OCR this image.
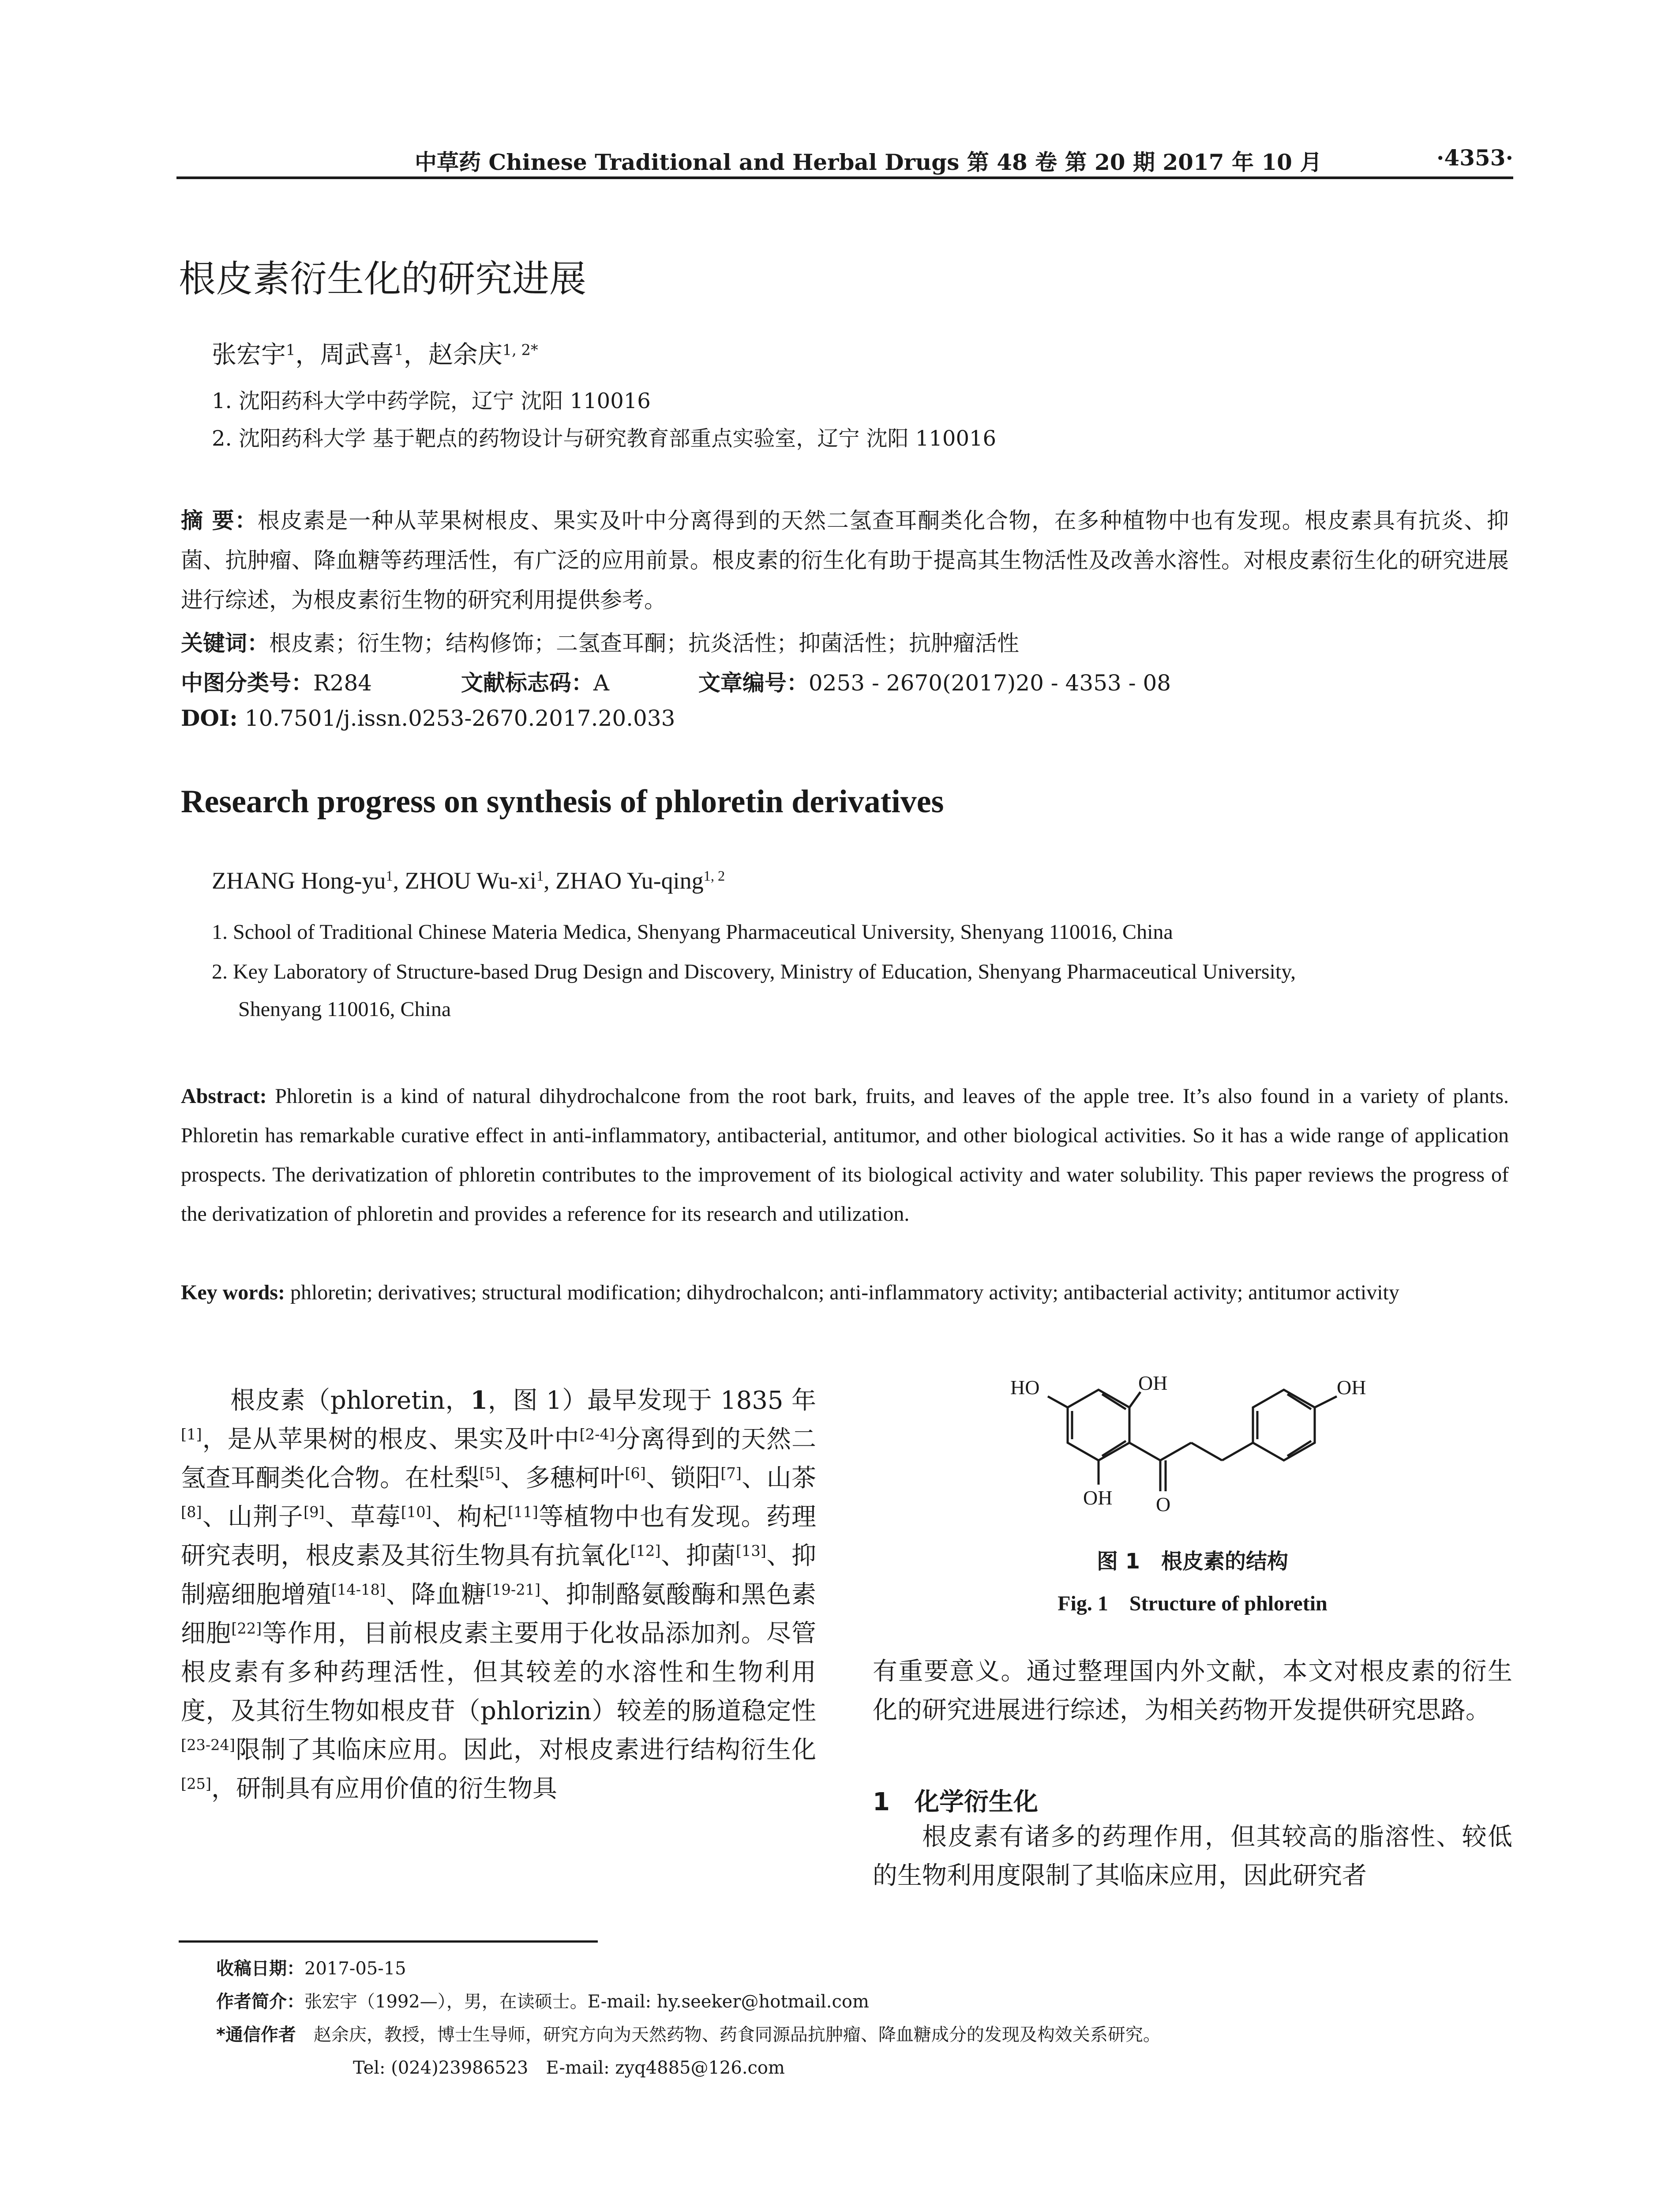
中草药 Chinese Traditional and Herbal Drugs 第 48 卷 第 20 期 2017 年 10 月	·4353·
根皮素衍生化的研究进展
张宏宇$^1$，周武喜$^1$，赵余庆$^{1, 2*}$
1. 沈阳药科大学中药学院，辽宁 沈阳 110016
2. 沈阳药科大学 基于靶点的药物设计与研究教育部重点实验室，辽宁 沈阳 110016
摘 要：根皮素是一种从苹果树根皮、果实及叶中分离得到的天然二氢查耳酮类化合物，在多种植物中也有发现。根皮素具有抗炎、抑菌、抗肿瘤、降血糖等药理活性，有广泛的应用前景。根皮素的衍生化有助于提高其生物活性及改善水溶性。对根皮素衍生化的研究进展进行综述，为根皮素衍生物的研究利用提供参考。
关键词：根皮素；衍生物；结构修饰；二氢查耳酮；抗炎活性；抑菌活性；抗肿瘤活性
中图分类号：R284	文献标志码：A	文章编号：0253 - 2670(2017)20 - 4353 - 08
DOI: 10.7501/j.issn.0253-2670.2017.20.033
Research progress on synthesis of phloretin derivatives
ZHANG Hong-$yu^1$, ZHOU $Wu-xi^1$, ZHAO Yu-qing$^{1, 2}$
1. School of Traditional Chinese Materia Medica, Shenyang Pharmaceutical University, Shenyang 110016, China
2. Key Laboratory of Structure-based Drug Design and Discovery, Ministry of Education, Shenyang Pharmaceutical University,
Shenyang 110016, China
Abstract: Phloretin is a kind of natural dihydrochalcone from the root bark, fruits, and leaves of the apple tree. It’s also found in a variety of plants. Phloretin has remarkable curative effect in anti-inflammatory, antibacterial, antitumor, and other biological activities. So it has a wide range of application prospects. The derivatization of phloretin contributes to the improvement of its biological activity and water solubility. This paper reviews the progress of the derivatization of phloretin and provides a reference for its research and utilization.
Key words: phloretin; derivatives; structural modification; dihydrochalcon; anti-inflammatory activity; antibacterial activity; antitumor activity
根皮素（phloretin，1，图 1）最早发现于 1835 年[1]，是从苹果树的根皮、果实及叶中[2-4]分离得到的天然二氢查耳酮类化合物。在杜梨[5]、多穗柯叶[6]、锁阳[7]、山茶[8]、山荆子[9]、草莓[10]、枸杞[11]等植物中也有发现。药理研究表明，根皮素及其衍生物具有抗氧化[12]、抑菌[13]、抑制癌细胞增殖[14-18]、降血糖[19-21]、抑制酪氨酸酶和黑色素细胞[22]等作用，目前根皮素主要用于化妆品添加剂。尽管根皮素有多种药理活性，但其较差的水溶性和生物利用度，及其衍生物如根皮苷（phlorizin）较差的肠道稳定性[23-24]限制了其临床应用。因此，对根皮素进行结构衍生化[25]，研制具有应用价值的衍生物具
HO	OH	OH
OH O
图 1　根皮素的结构
Fig. 1　Structure of phloretin
有重要意义。通过整理国内外文献，本文对根皮素的衍生化的研究进展进行综述，为相关药物开发提供研究思路。
1　化学衍生化
根皮素有诸多的药理作用，但其较高的脂溶性、较低的生物利用度限制了其临床应用，因此研究者
收稿日期：2017-05-15
作者简介：张宏宇（1992—），男，在读硕士。E-mail: hy.seeker@hotmail.com
*通信作者 赵余庆，教授，博士生导师，研究方向为天然药物、药食同源品抗肿瘤、降血糖成分的发现及构效关系研究。
Tel: (024)23986523　E-mail: zyq4885@126.com
